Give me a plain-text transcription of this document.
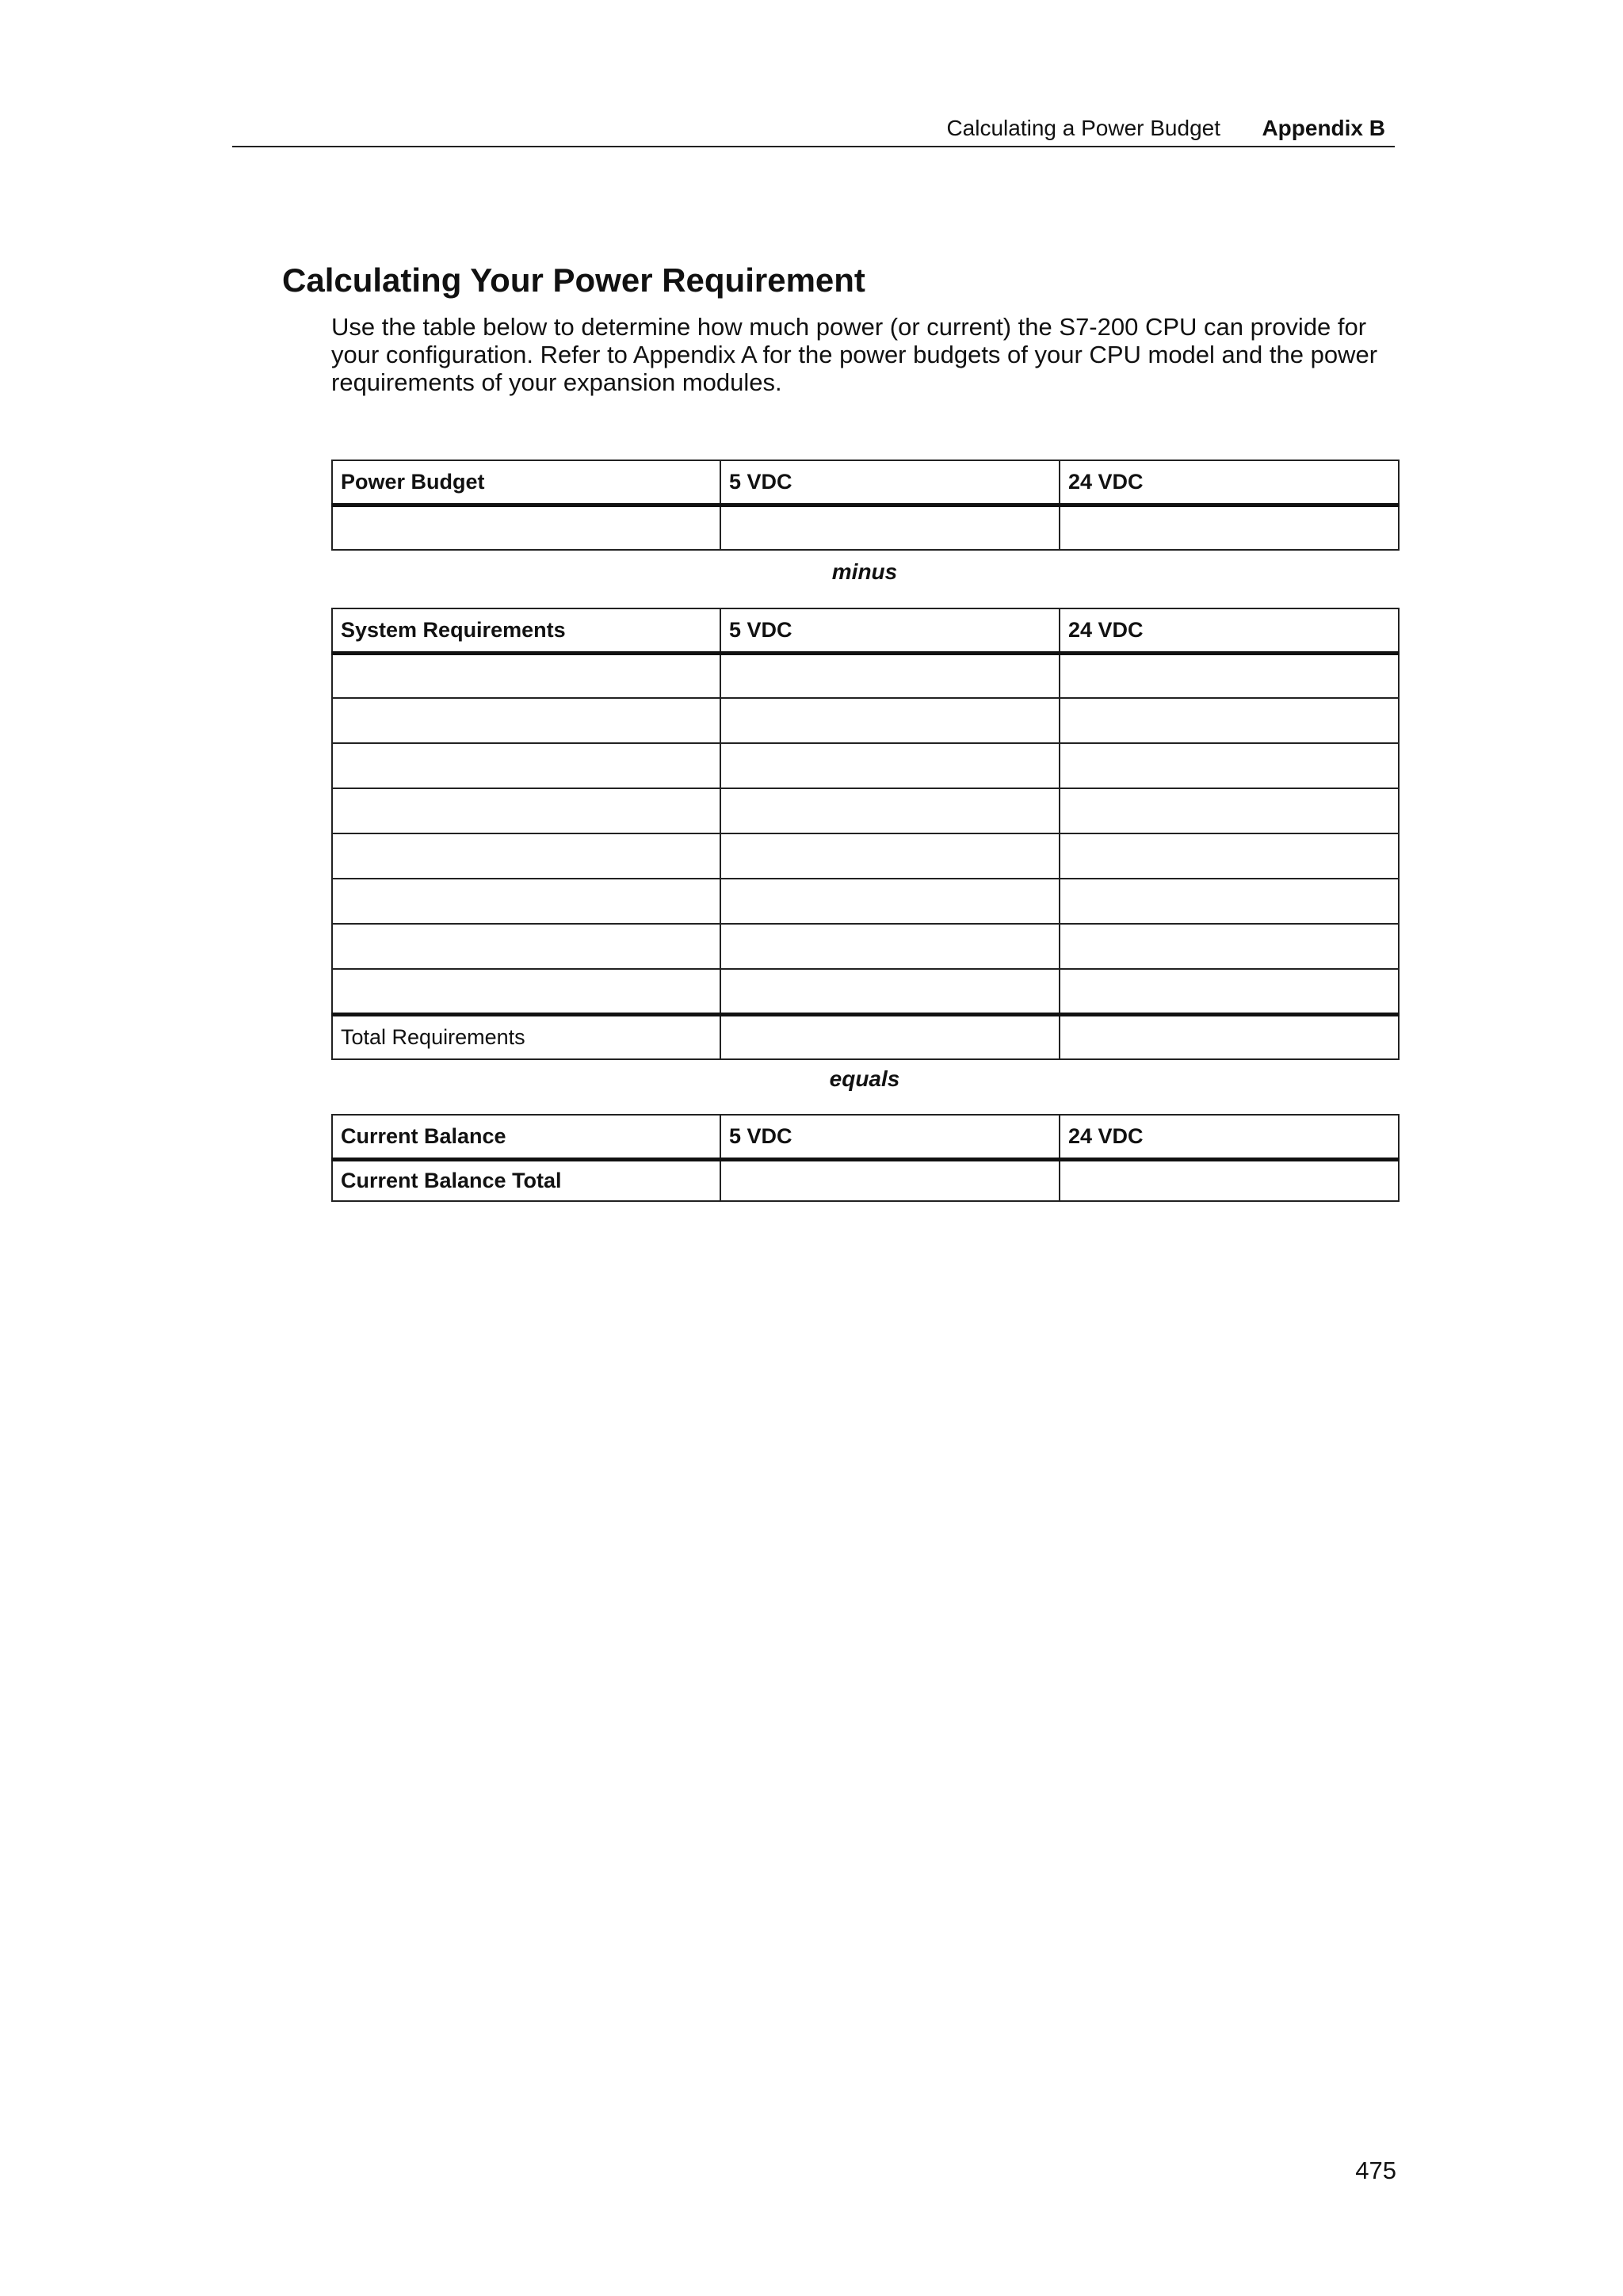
Calculating a Power Budget Appendix B
Calculating Your Power Requirement

Use the table below to determine how much power (or current) the S7-200 CPU can provide for your configuration. Refer to Appendix A for the power budgets of your CPU model and the power requirements of your expansion modules.

Power Budget	5 VDC	24 VDC

minus
System Requirements	5 VDC	24 VDC

Total Requirements		
equals
Current Balance	5 VDC	24 VDC
Current Balance Total		
475
